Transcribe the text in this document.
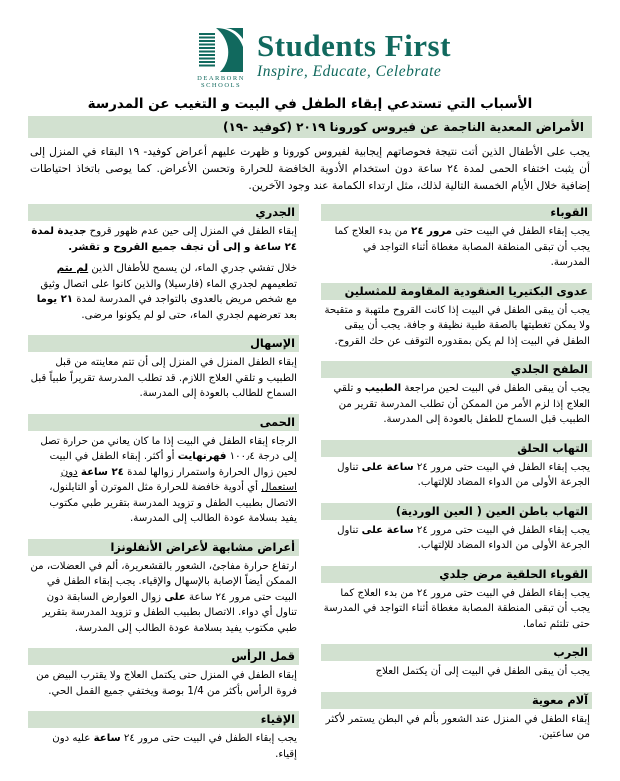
DEARBORN
SCHOOLS
Students First
Inspire, Educate, Celebrate
الأسباب التي تستدعي إبقاء الطفل في البيت و التغيب عن المدرسة
الأمراض المعدية الناجمة عن فيروس كورونا ٢٠١٩ (كوفيد -١٩)

يجب على الأطفال الذين أتت نتيجة فحوصاتهم إيجابية لفيروس كورونا و ظهرت عليهم أعراض كوفيد- ١٩ البقاء في المنزل إلى أن يثبت اختفاء الحمى لمدة ٢٤ ساعة دون استخدام الأدوية الخافضة للحرارة وتحسن الأعراض. كما يوصى باتخاذ احتياطات إضافية خلال الأيام الخمسة التالية لذلك، مثل ارتداء الكمامة عند وجود الآخرين.

القوباء

يجب إبقاء الطفل في البيت حتى مرور ٢٤ من بدء العلاج كما يجب أن تبقى المنطقة المصابة مغطاة أثناء التواجد في المدرسة.

عدوى البكتيريا العنقودية المقاومة للمثسلين

يجب أن يبقى الطفل في البيت إذا كانت القروح ملتهبة و متقيحة ولا يمكن تغطيتها بالصقة طبية نظيفة و جافة. يجب أن يبقى الطفل في البيت إذا لم يكن بمقدوره التوقف عن حك القروح.

الطفح الجلدي

يجب أن يبقى الطفل في البيت لحين مراجعة الطبيب و تلقي العلاج إذا لزم الأمر من الممكن أن تطلب المدرسة تقرير من الطبيب قبل السماح للطفل بالعودة إلى المدرسة.

التهاب الحلق

يجب إبقاء الطفل في البيت حتى مرور ٢٤ ساعة على تناول الجرعة الأولى من الدواء المضاد للإلتهاب.

التهاب باطن العين ( العين الوردية)

يجب إبقاء الطفل في البيت حتى مرور ٢٤ ساعة على تناول الجرعة الأولى من الدواء المضاد للإلتهاب.

القوباء الحلقية مرض جلدي

يجب إبقاء الطفل في البيت حتى مرور ٢٤ من بدء العلاج كما يجب أن تبقى المنطقة المصابة مغطاة أثناء التواجد في المدرسة حتى تلتئم تماما.

الجرب

يجب أن يبقى الطفل في البيت إلى أن يكتمل العلاج

آلام معوية

إبقاء الطفل في المنزل عند الشعور بألم في البطن يستمر لأكثر من ساعتين.

الجدري

إبقاء الطفل في المنزل إلى حين عدم ظهور قروح جديدة لمدة ٢٤ ساعة و إلى أن تجف جميع القروح و تقشر.

خلال تفشي جدري الماء، لن يسمح للأطفال الذين لم يتم تطعيمهم لجدري الماء (فارسيلا) والذين كانوا على اتصال وثيق مع شخص مريض بالعدوى بالتواجد في المدرسة لمدة ٢١ يوما بعد تعرضهم لجدري الماء، حتى لو لم يكونوا مرضى.

الإسهال

إبقاء الطفل المنزل في المنزل إلى أن تتم معاينته من قبل الطبيب و تلقي العلاج اللازم. قد تطلب المدرسة تقريراً طبياً قبل السماح للطالب بالعودة إلى المدرسة.

الحمى

الرجاء إبقاء الطفل في البيت إذا ما كان يعاني من حرارة تصل إلى درجة ١٠٠٫٤ فهرنهايت أو أكثر. إبقاء الطفل في البيت لحين زوال الحرارة واستمرار زوالها لمدة ٢٤ ساعة دون استعمال أي أدوية خافضة للحرارة مثل الموترن أو التايلنول، الاتصال بطبيب الطفل و تزويد المدرسة بتقرير طبي مكتوب يفيد بسلامة عودة الطالب إلى المدرسة.

أعراض مشابهة لأعراض الأنفلونزا

ارتفاع حرارة مفاجئ، الشعور بالقشعريرة، ألم في العضلات، من الممكن أيضاً الإصابة بالإسهال والإقياء. يجب إبقاء الطفل في البيت حتى مرور ٢٤ ساعة على زوال العوارض السابقة دون تناول أي دواء. الاتصال بطبيب الطفل و تزويد المدرسة بتقرير طبي مكتوب يفيد بسلامة عودة الطالب إلى المدرسة.

قمل الرأس

إبقاء الطفل في المنزل حتى يكتمل العلاج ولا يقترب البيض من فروة الرأس بأكثر من 1/4 بوصة ويختفي جميع القمل الحي.

الإقياء

يجب إبقاء الطفل في البيت حتى مرور ٢٤ ساعة عليه دون إقياء.
